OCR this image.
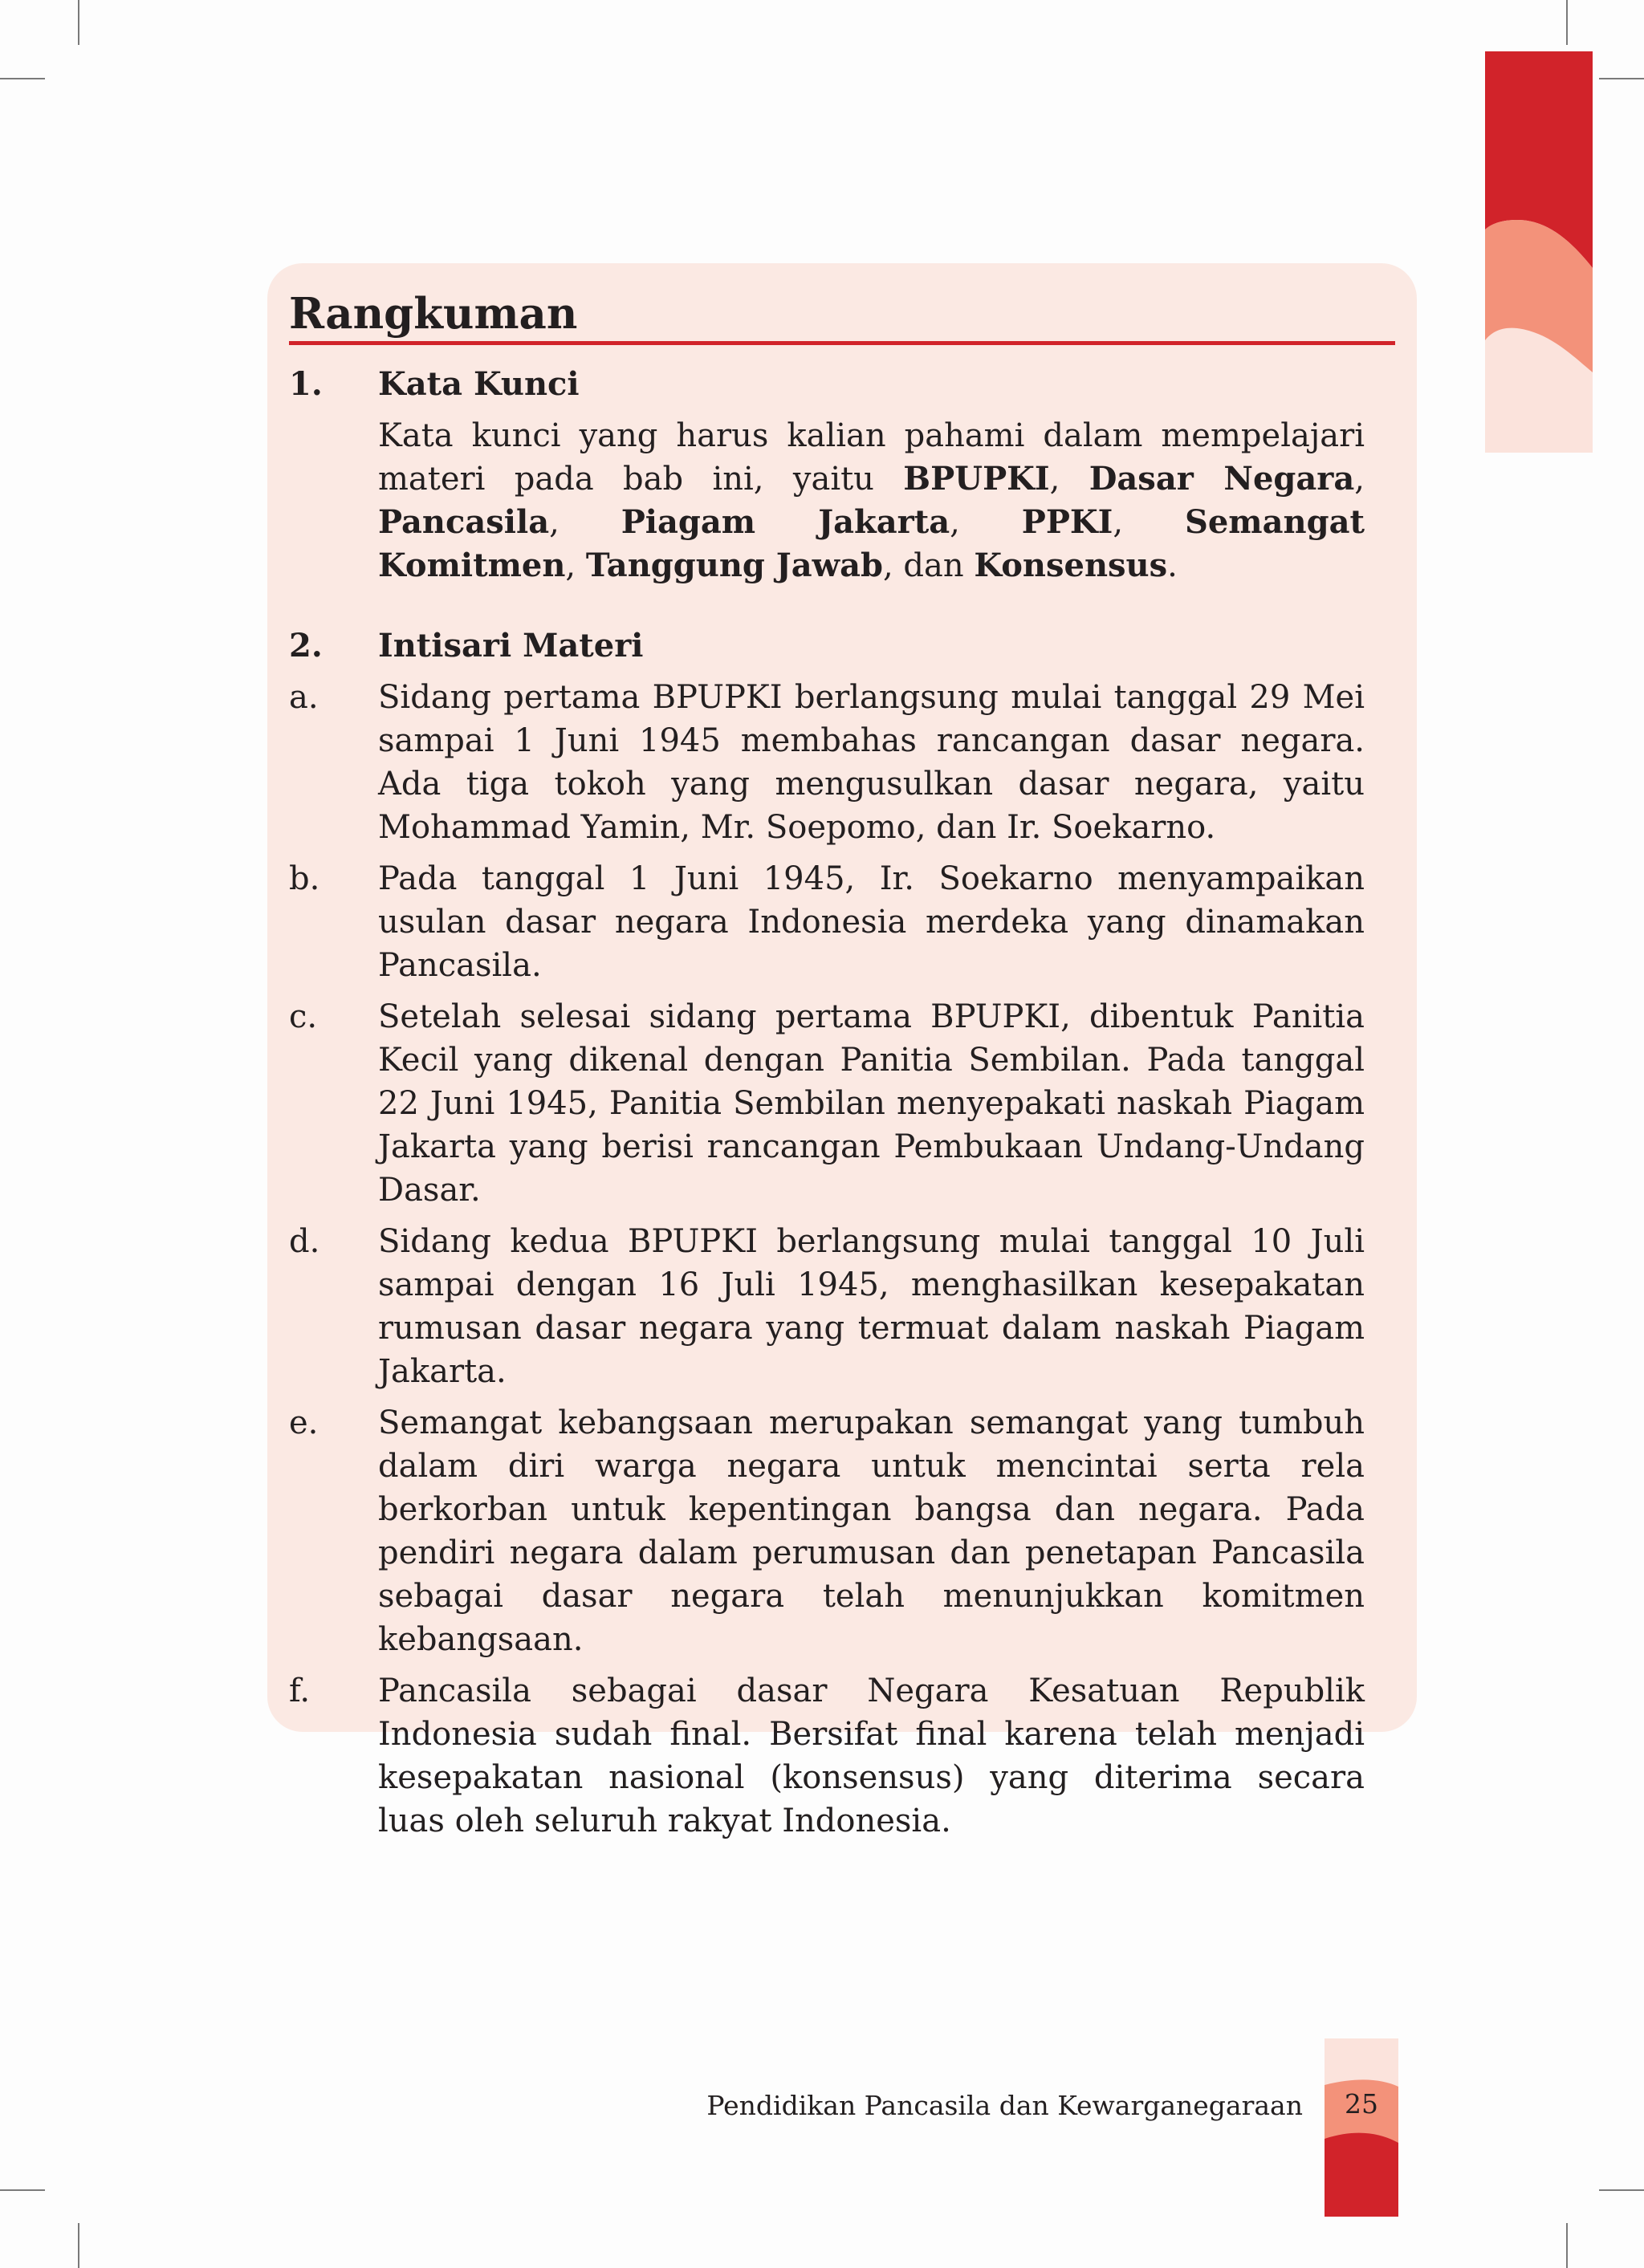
Rangkuman
1.	Kata Kunci

Kata kunci yang harus kalian pahami dalam mempelajari materi pada bab ini, yaitu BPUPKI, Dasar Negara, Pancasila, Piagam Jakarta, PPKI, Semangat Komitmen, Tanggung Jawab, dan Konsensus.

2.	Intisari Materi
a.	Sidang pertama BPUPKI berlangsung mulai tanggal 29 Mei sampai 1 Juni 1945 membahas rancangan dasar negara. Ada tiga tokoh yang mengusulkan dasar negara, yaitu Mohammad Yamin, Mr. Soepomo, dan Ir. Soekarno.
b.	Pada tanggal 1 Juni 1945, Ir. Soekarno menyampaikan usulan dasar negara Indonesia merdeka yang dinamakan Pancasila.
c.	Setelah selesai sidang pertama BPUPKI, dibentuk Panitia Kecil yang dikenal dengan Panitia Sembilan. Pada tanggal 22 Juni 1945, Panitia Sembilan menyepakati naskah Piagam Jakarta yang berisi rancangan Pembukaan Undang-Undang Dasar.
d.	Sidang kedua BPUPKI berlangsung mulai tanggal 10 Juli sampai dengan 16 Juli 1945, menghasilkan kesepakatan rumusan dasar negara yang termuat dalam naskah Piagam Jakarta.
e.	Semangat kebangsaan merupakan semangat yang tumbuh dalam diri warga negara untuk mencintai serta rela berkorban untuk kepentingan bangsa dan negara. Pada pendiri negara dalam perumusan dan penetapan Pancasila sebagai dasar negara telah menunjukkan komitmen kebangsaan.
f.	Pancasila sebagai dasar Negara Kesatuan Republik Indonesia sudah final. Bersifat final karena telah menjadi kesepakatan nasional (konsensus) yang diterima secara luas oleh seluruh rakyat Indonesia.
Pendidikan Pancasila dan Kewarganegaraan	25
